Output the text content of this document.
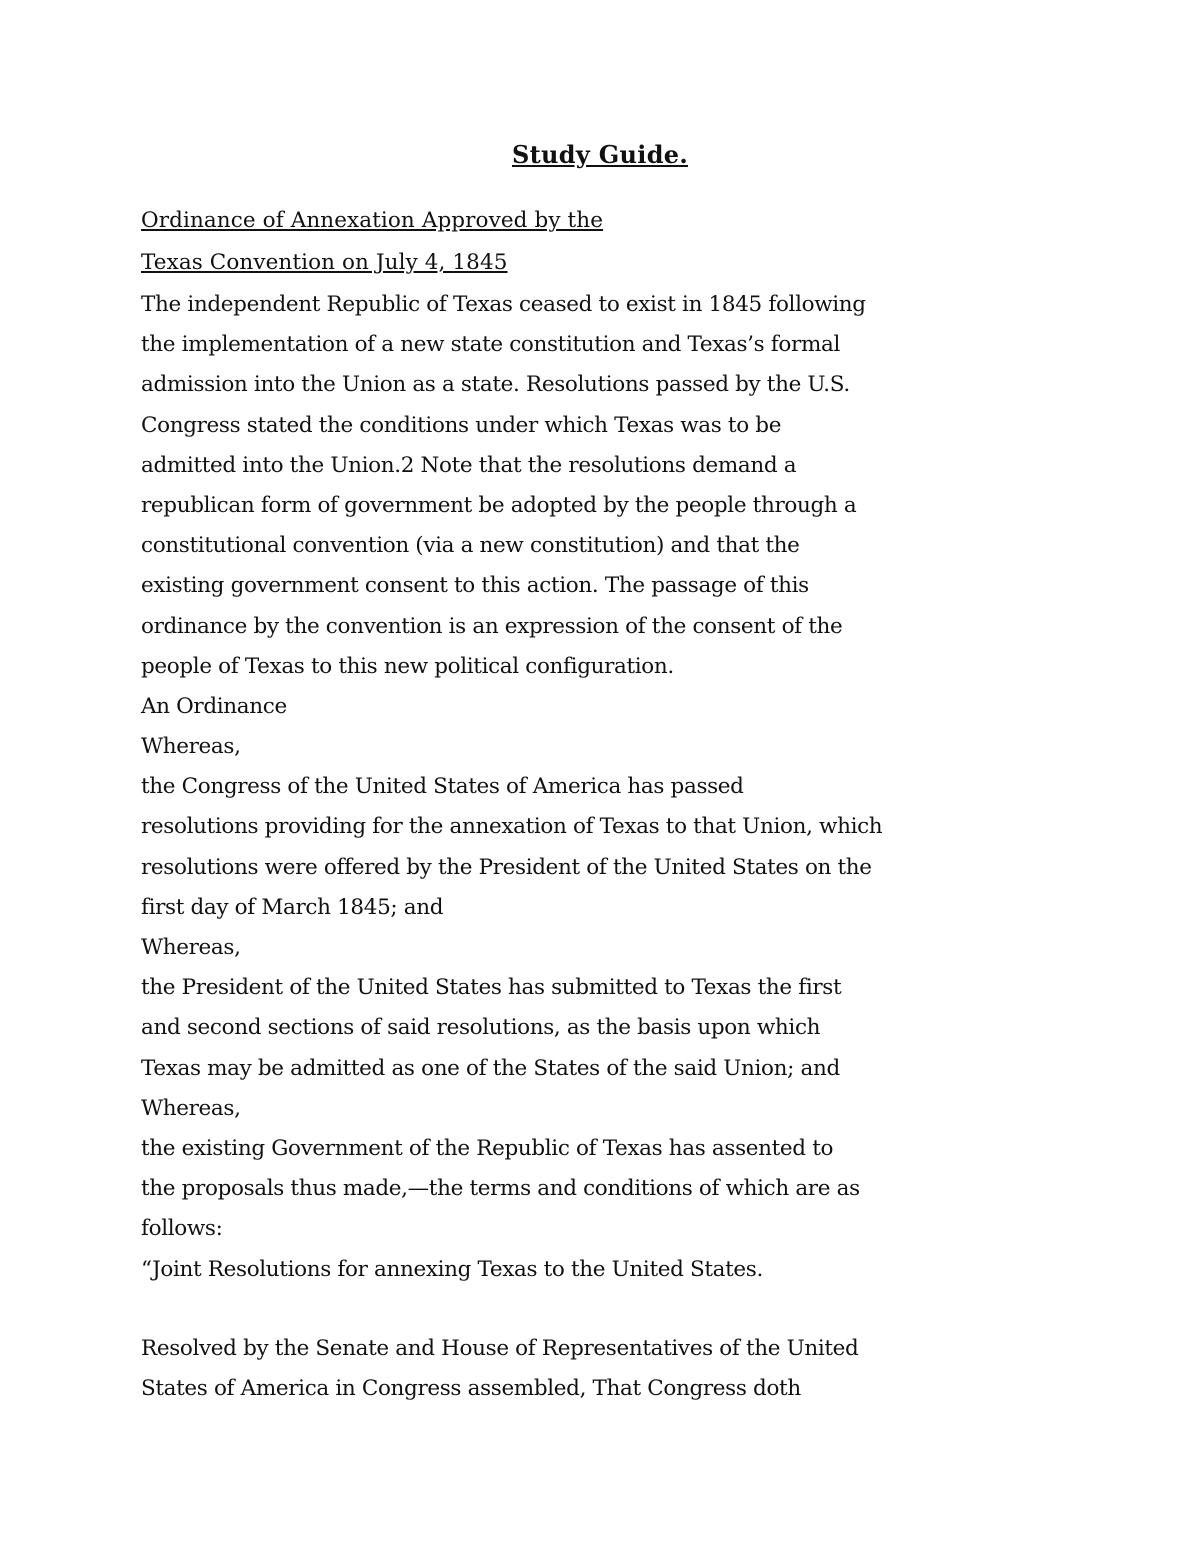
Study Guide.
Ordinance of Annexation Approved by the
Texas Convention on July 4, 1845
The independent Republic of Texas ceased to exist in 1845 following
the implementation of a new state constitution and Texas’s formal
admission into the Union as a state. Resolutions passed by the U.S.
Congress stated the conditions under which Texas was to be
admitted into the Union.2 Note that the resolutions demand a
republican form of government be adopted by the people through a
constitutional convention (via a new constitution) and that the
existing government consent to this action. The passage of this
ordinance by the convention is an expression of the consent of the
people of Texas to this new political configuration.
An Ordinance
Whereas,
the Congress of the United States of America has passed
resolutions providing for the annexation of Texas to that Union, which
resolutions were offered by the President of the United States on the
first day of March 1845; and
Whereas,
the President of the United States has submitted to Texas the first
and second sections of said resolutions, as the basis upon which
Texas may be admitted as one of the States of the said Union; and
Whereas,
the existing Government of the Republic of Texas has assented to
the proposals thus made,—the terms and conditions of which are as
follows:
“Joint Resolutions for annexing Texas to the United States.
Resolved by the Senate and House of Representatives of the United
States of America in Congress assembled, That Congress doth
